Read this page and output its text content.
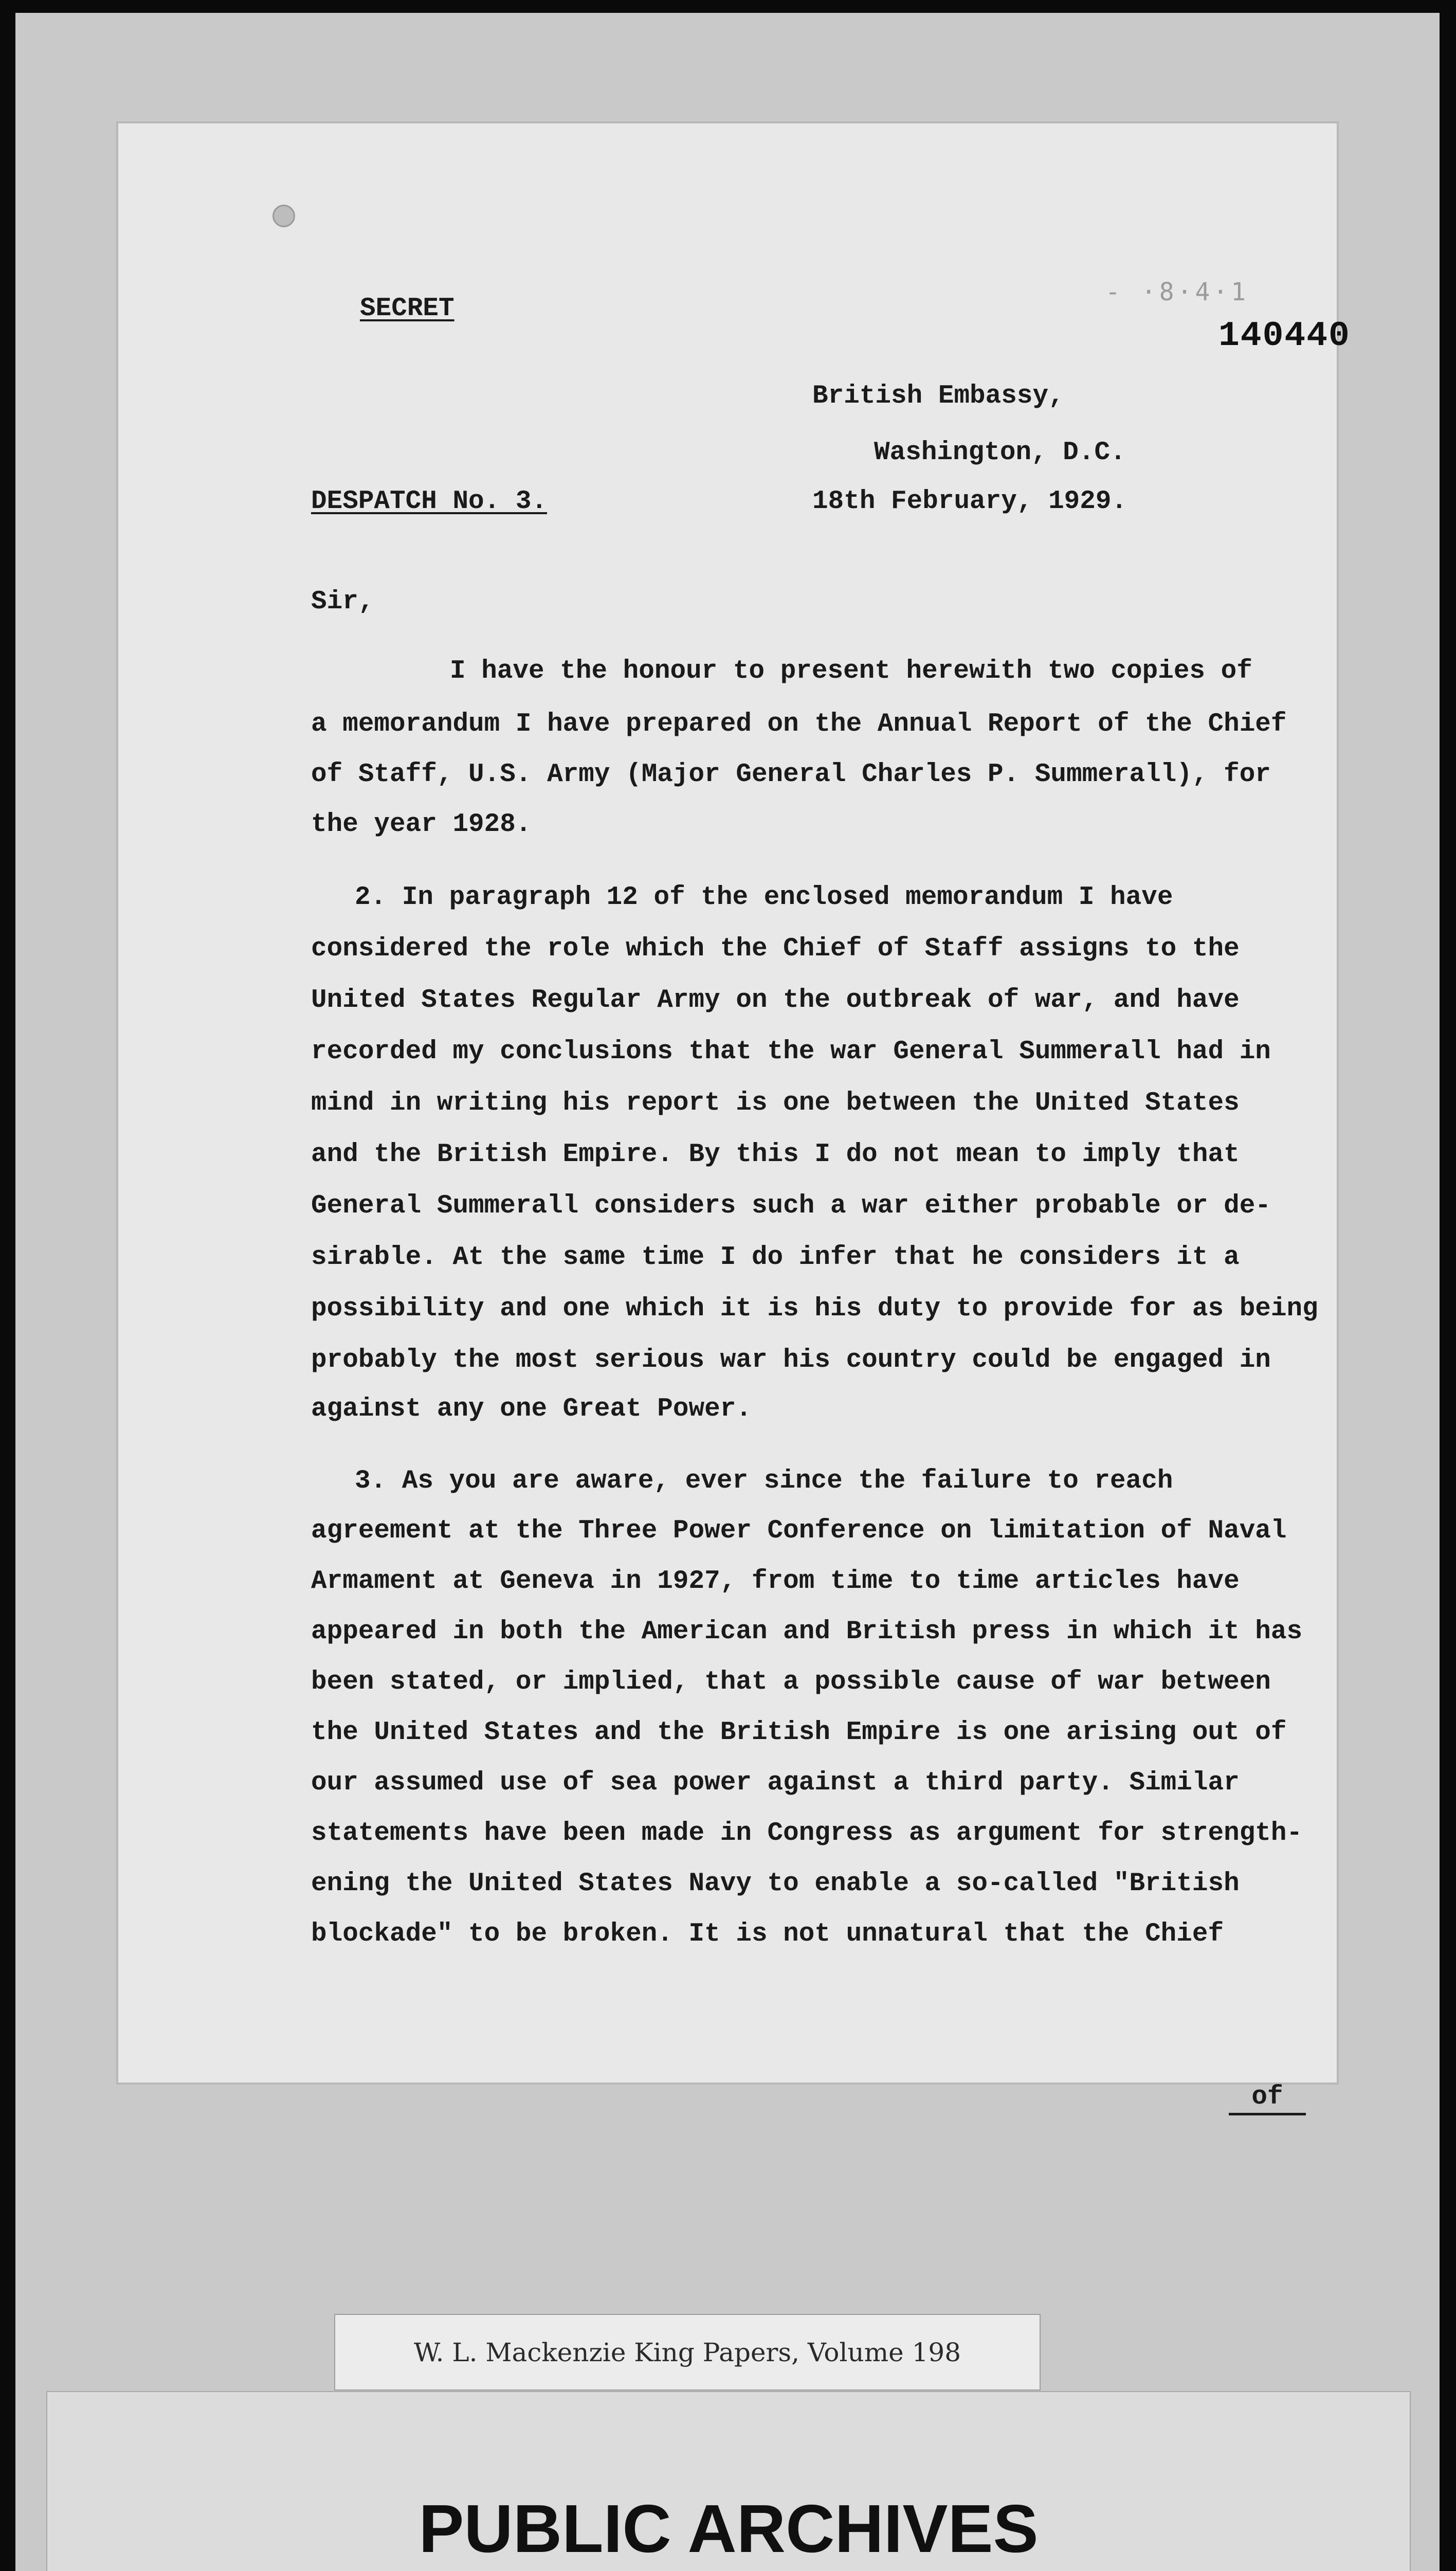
- ·8·4·1
140440

SECRET

British Embassy,

Washington, D.C.

DESPATCH No. 3.	18th February, 1929.

Sir,

I have the honour to present herewith two copies of

a memorandum I have prepared on the Annual Report of the Chief

of Staff, U.S. Army (Major General Charles P. Summerall), for

the year 1928.

2. In paragraph 12 of the enclosed memorandum I have

considered the role which the Chief of Staff assigns to the

United States Regular Army on the outbreak of war, and have

recorded my conclusions that the war General Summerall had in

mind in writing his report is one between the United States

and the British Empire. By this I do not mean to imply that

General Summerall considers such a war either probable or de-

sirable. At the same time I do infer that he considers it a

possibility and one which it is his duty to provide for as being

probably the most serious war his country could be engaged in

against any one Great Power.

3. As you are aware, ever since the failure to reach

agreement at the Three Power Conference on limitation of Naval

Armament at Geneva in 1927, from time to time articles have

appeared in both the American and British press in which it has

been stated, or implied, that a possible cause of war between

the United States and the British Empire is one arising out of

our assumed use of sea power against a third party. Similar

statements have been made in Congress as argument for strength-

ening the United States Navy to enable a so-called "British

blockade" to be broken. It is not unnatural that the Chief

of
W. L. Mackenzie King Papers, Volume 198
PUBLIC ARCHIVES
